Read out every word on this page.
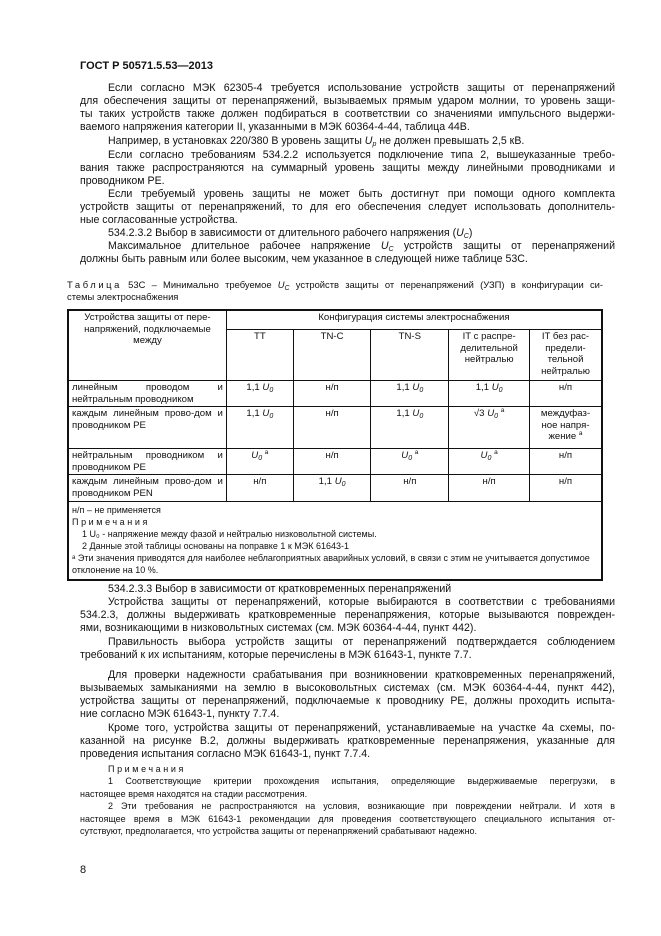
ГОСТ Р 50571.5.53—2013
Если согласно МЭК 62305-4 требуется использование устройств защиты от перенапряжений
для обеспечения защиты от перенапряжений, вызываемых прямым ударом молнии, то уровень защи-
ты таких устройств также должен подбираться в соответствии со значениями импульсного выдержи-
ваемого напряжения категории II, указанными в МЭК 60364-4-44, таблица 44В.
Например, в установках 220/380 В уровень защиты $U_p$ не должен превышать 2,5 кВ.
Если согласно требованиям 534.2.2 используется подключение типа 2, вышеуказанные требо-
вания также распространяются на суммарный уровень защиты между линейными проводниками и
проводником PE.
Если требуемый уровень защиты не может быть достигнут при помощи одного комплекта
устройств защиты от перенапряжений, то для его обеспечения следует использовать дополнитель-
ные согласованные устройства.
534.2.3.2 Выбор в зависимости от длительного рабочего напряжения $(U_C)$
Максимальное длительное рабочее напряжение $U_C$ устройств защиты от перенапряжений
должны быть равным или более высоким, чем указанное в следующей ниже таблице 53С.
Таблица 53С – Минимально требуемое $U_C$ устройств защиты от перенапряжений (УЗП) в конфигурации си-
стемы электроснабжения
Устройства защиты от пере-напряжений, подключаемые между	Конфигурация системы электроснабжения				
	TT	TN-C	TN-S	IT с распре-делительной нейтралью	IT без рас-предели-тельной нейтралью
линейным проводом и нейтральным проводником	1,1 $U_0$	н/п	1,1 $U_0$	1,1 $U_0$	н/п
каждым линейным прово-дом и проводником PE	1,1 $U_0$	н/п	1,1 $U_0$	√3 $U_0$ $^a$	междуфаз-ное напря-жение $^a$
нейтральным проводником и проводником PE	$U_0$ $^a$	н/п	$U_0$ $^a$	$U_0$ $^a$	н/п
каждым линейным прово-дом и проводником PEN	н/п	1,1 $U_0$	н/п	н/п	н/п

н/п – не применяется
Примечания
1 U₀ - напряжение между фазой и нейтралью низковольтной системы.
2 Данные этой таблицы основаны на поправке 1 к МЭК 61643-1
ᵃ Эти значения приводятся для наиболее неблагоприятных аварийных условий, в связи с этим не учитывается допустимое отклонение на 10 %.					
534.2.3.3 Выбор в зависимости от кратковременных перенапряжений
Устройства защиты от перенапряжений, которые выбираются в соответствии с требованиями
534.2.3, должны выдерживать кратковременные перенапряжения, которые вызываются поврежден-
ями, возникающими в низковольтных системах (см. МЭК 60364-4-44, пункт 442).
Правильность выбора устройств защиты от перенапряжений подтверждается соблюдением
требований к их испытаниям, которые перечислены в МЭК 61643-1, пункте 7.7.
Для проверки надежности срабатывания при возникновении кратковременных перенапряжений,
вызываемых замыканиями на землю в высоковольтных системах (см. МЭК 60364-4-44, пункт 442),
устройства защиты от перенапряжений, подключаемые к проводнику PE, должны проходить испыта-
ние согласно МЭК 61643-1, пункту 7.7.4.
Кроме того, устройства защиты от перенапряжений, устанавливаемые на участке 4а схемы, по-
казанной на рисунке В.2, должны выдерживать кратковременные перенапряжения, указанные для
проведения испытания согласно МЭК 61643-1, пункт 7.7.4.
Примечания
1 Соответствующие критерии прохождения испытания, определяющие выдерживаемые перегрузки, в
настоящее время находятся на стадии рассмотрения.
2 Эти требования не распространяются на условия, возникающие при повреждении нейтрали. И хотя в
настоящее время в МЭК 61643-1 рекомендации для проведения соответствующего специального испытания от-
сутствуют, предполагается, что устройства защиты от перенапряжений срабатывают надежно.
8
